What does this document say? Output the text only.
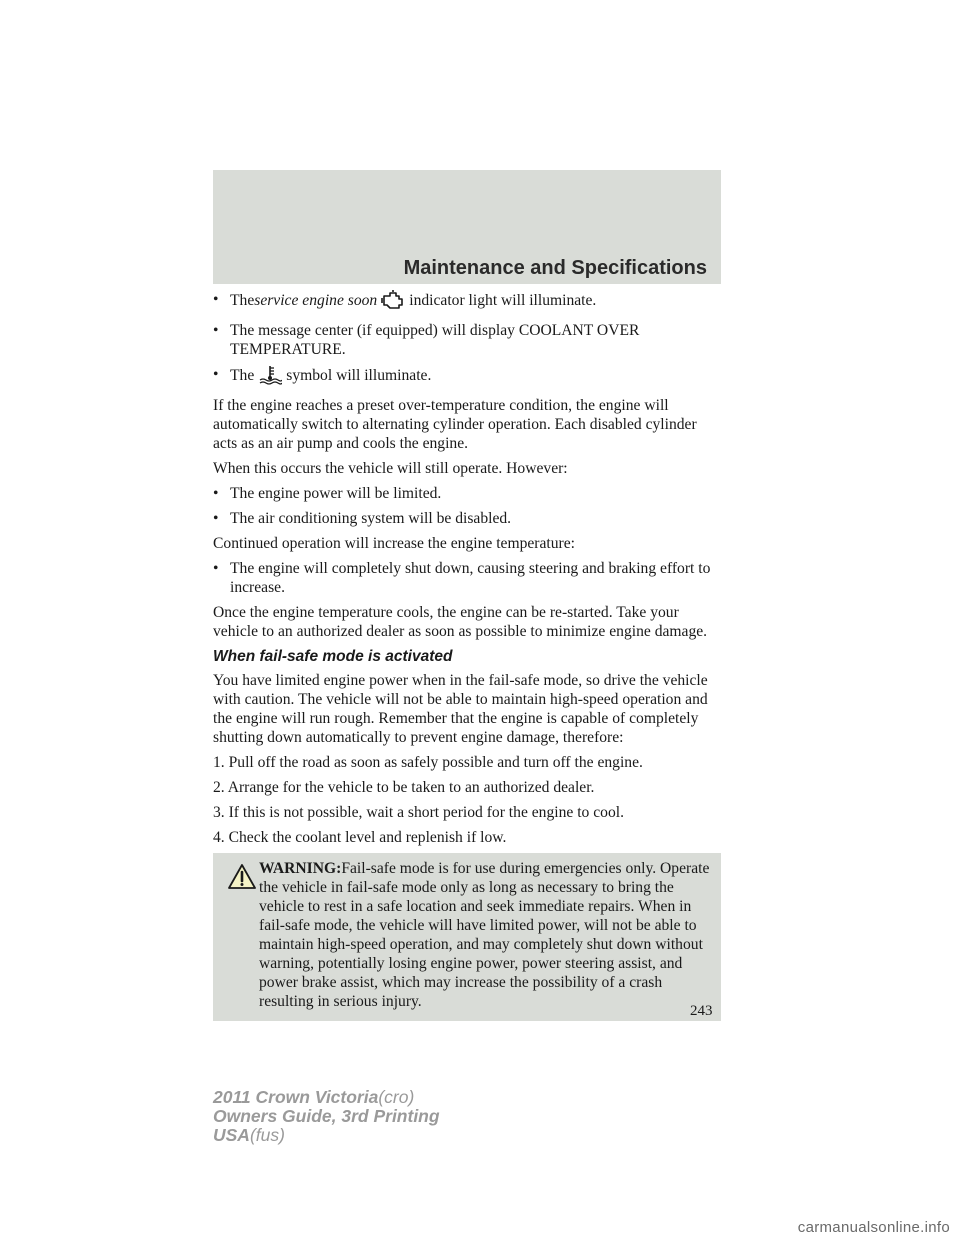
Maintenance and Specifications
• Theservice engine soon indicator light will illuminate.
• The message center (if equipped) will display COOLANT OVER TEMPERATURE.
• The symbol will illuminate.

If the engine reaches a preset over-temperature condition, the engine will automatically switch to alternating cylinder operation. Each disabled cylinder acts as an air pump and cools the engine.

When this occurs the vehicle will still operate. However:

• The engine power will be limited.
• The air conditioning system will be disabled.

Continued operation will increase the engine temperature:

• The engine will completely shut down, causing steering and braking effort to increase.

Once the engine temperature cools, the engine can be re-started. Take your vehicle to an authorized dealer as soon as possible to minimize engine damage.

When fail-safe mode is activated

You have limited engine power when in the fail-safe mode, so drive the vehicle with caution. The vehicle will not be able to maintain high-speed operation and the engine will run rough. Remember that the engine is capable of completely shutting down automatically to prevent engine damage, therefore:

1. Pull off the road as soon as safely possible and turn off the engine.

2. Arrange for the vehicle to be taken to an authorized dealer.

3. If this is not possible, wait a short period for the engine to cool.

4. Check the coolant level and replenish if low.

WARNING:Fail-safe mode is for use during emergencies only. Operate the vehicle in fail-safe mode only as long as necessary to bring the vehicle to rest in a safe location and seek immediate repairs. When in fail-safe mode, the vehicle will have limited power, will not be able to maintain high-speed operation, and may completely shut down without warning, potentially losing engine power, power steering assist, and power brake assist, which may increase the possibility of a crash resulting in serious injury.
243
2011 Crown Victoria(cro)
Owners Guide, 3rd Printing
USA(fus)
carmanualsonline.info
